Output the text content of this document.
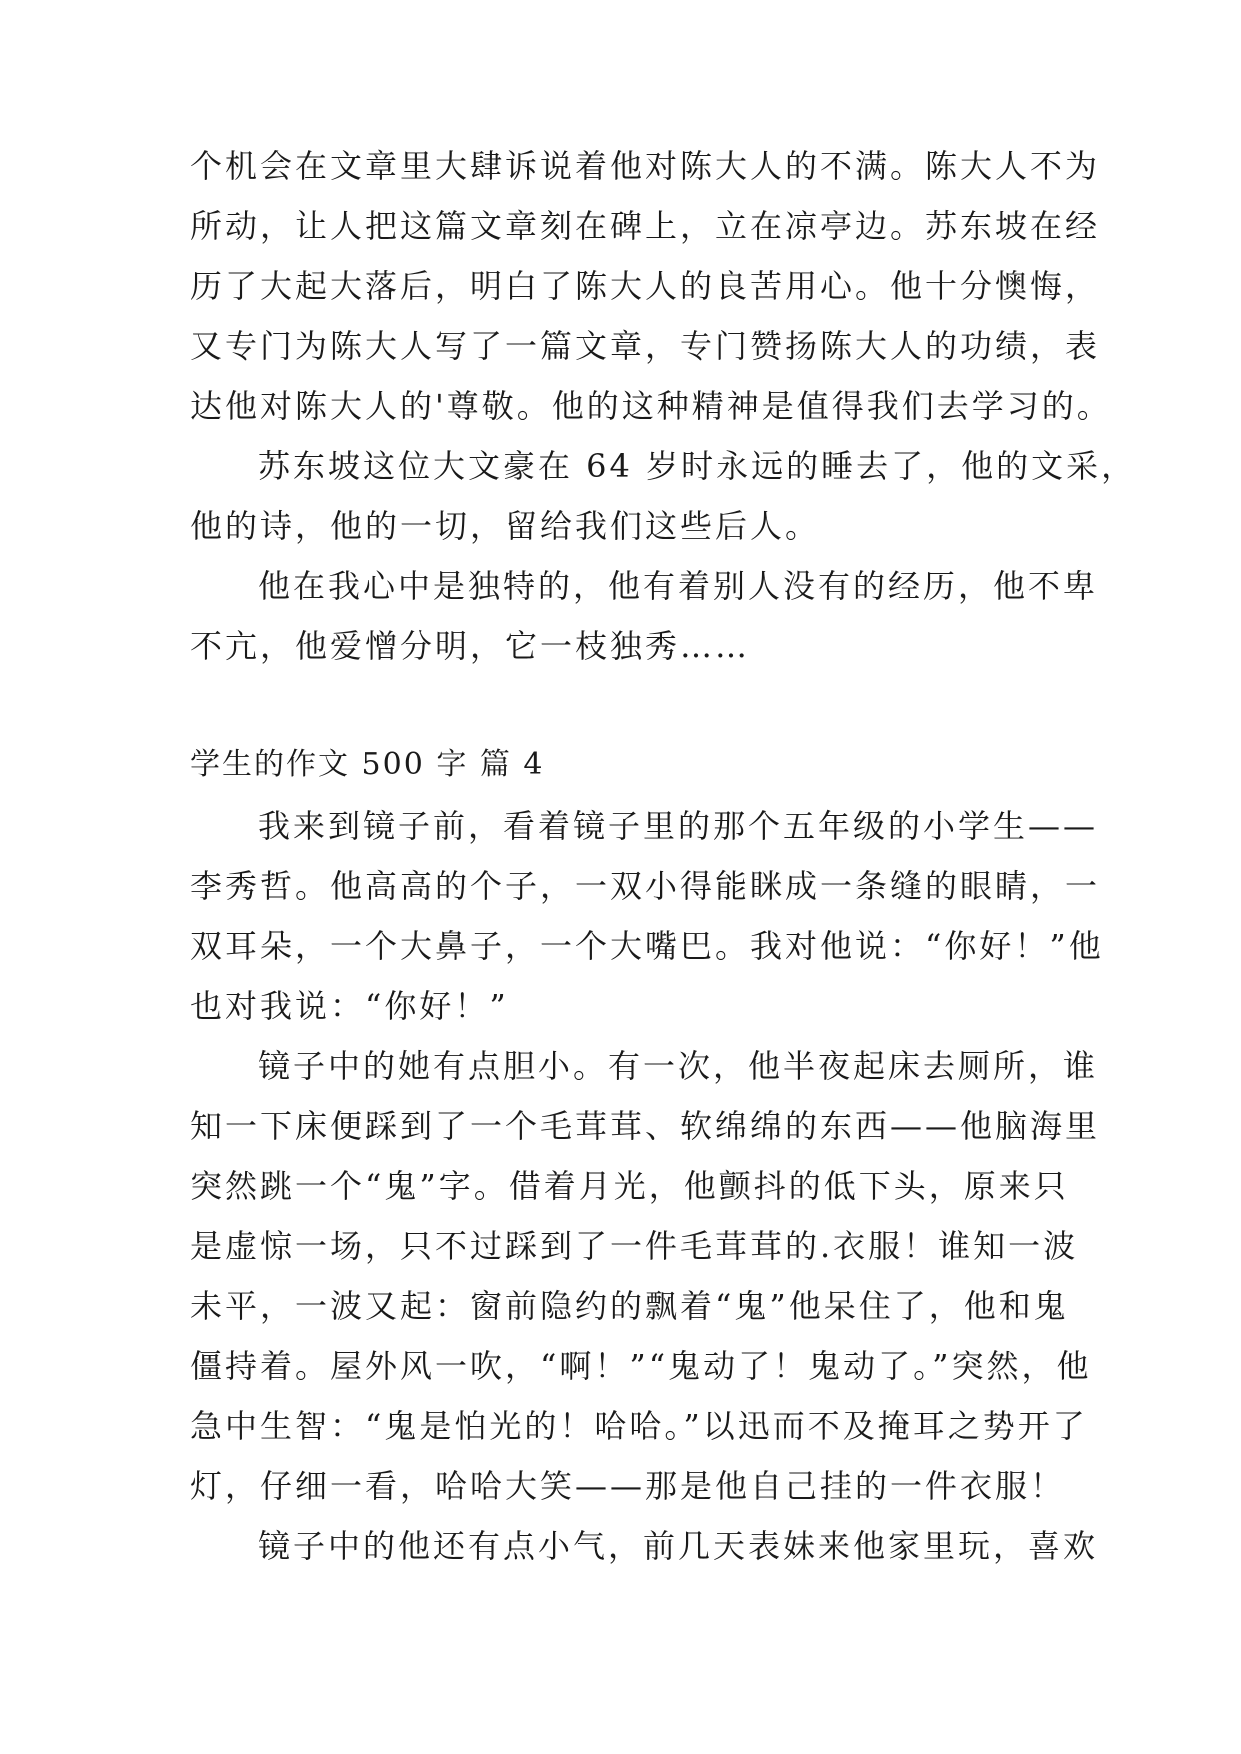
个机会在文章里大肆诉说着他对陈大人的不满。陈大人不为
所动，让人把这篇文章刻在碑上，立在凉亭边。苏东坡在经
历了大起大落后，明白了陈大人的良苦用心。他十分懊悔，
又专门为陈大人写了一篇文章，专门赞扬陈大人的功绩，表
达他对陈大人的'尊敬。他的这种精神是值得我们去学习的。
苏东坡这位大文豪在 64 岁时永远的睡去了，他的文采，
他的诗，他的一切，留给我们这些后人。
他在我心中是独特的，他有着别人没有的经历，他不卑
不亢，他爱憎分明，它一枝独秀……
学生的作文 500 字 篇 4
我来到镜子前，看着镜子里的那个五年级的小学生——
李秀哲。他高高的个子，一双小得能眯成一条缝的眼睛，一
双耳朵，一个大鼻子，一个大嘴巴。我对他说：“你好！”他
也对我说：“你好！”
镜子中的她有点胆小。有一次，他半夜起床去厕所，谁
知一下床便踩到了一个毛茸茸、软绵绵的东西——他脑海里
突然跳一个“鬼”字。借着月光，他颤抖的低下头，原来只
是虚惊一场，只不过踩到了一件毛茸茸的.衣服！谁知一波
未平，一波又起：窗前隐约的飘着“鬼”他呆住了，他和鬼
僵持着。屋外风一吹，“啊！”“鬼动了！鬼动了。”突然，他
急中生智：“鬼是怕光的！哈哈。”以迅而不及掩耳之势开了
灯，仔细一看，哈哈大笑——那是他自己挂的一件衣服！
镜子中的他还有点小气，前几天表妹来他家里玩，喜欢
